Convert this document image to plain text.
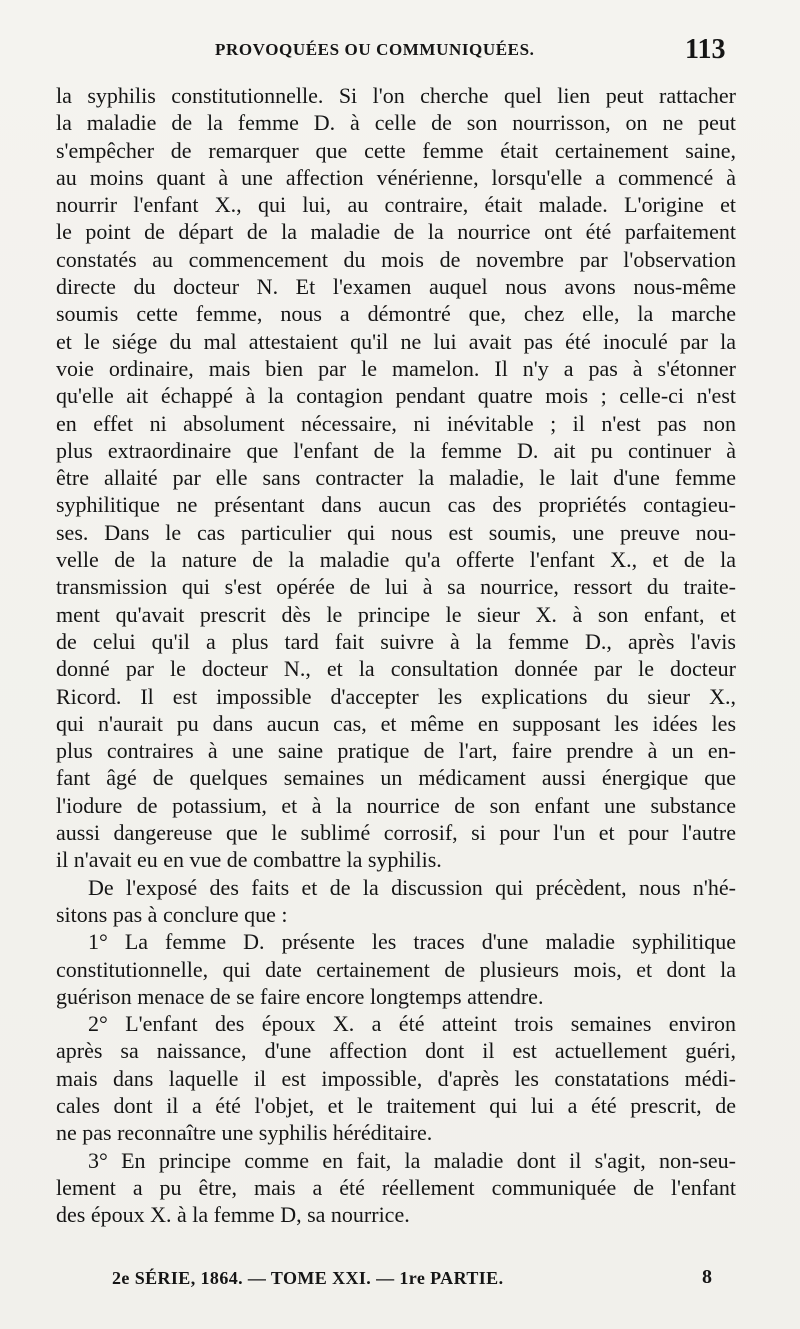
PROVOQUÉES OU COMMUNIQUÉES.	113
la syphilis constitutionnelle. Si l'on cherche quel lien peut rattacher
la maladie de la femme D. à celle de son nourrisson, on ne peut
s'empêcher de remarquer que cette femme était certainement saine,
au moins quant à une affection vénérienne, lorsqu'elle a commencé à
nourrir l'enfant X., qui lui, au contraire, était malade. L'origine et
le point de départ de la maladie de la nourrice ont été parfaitement
constatés au commencement du mois de novembre par l'observation
directe du docteur N. Et l'examen auquel nous avons nous-même
soumis cette femme, nous a démontré que, chez elle, la marche
et le siége du mal attestaient qu'il ne lui avait pas été inoculé par la
voie ordinaire, mais bien par le mamelon. Il n'y a pas à s'étonner
qu'elle ait échappé à la contagion pendant quatre mois ; celle-ci n'est
en effet ni absolument nécessaire, ni inévitable ; il n'est pas non
plus extraordinaire que l'enfant de la femme D. ait pu continuer à
être allaité par elle sans contracter la maladie, le lait d'une femme
syphilitique ne présentant dans aucun cas des propriétés contagieu-
ses. Dans le cas particulier qui nous est soumis, une preuve nou-
velle de la nature de la maladie qu'a offerte l'enfant X., et de la
transmission qui s'est opérée de lui à sa nourrice, ressort du traite-
ment qu'avait prescrit dès le principe le sieur X. à son enfant, et
de celui qu'il a plus tard fait suivre à la femme D., après l'avis
donné par le docteur N., et la consultation donnée par le docteur
Ricord. Il est impossible d'accepter les explications du sieur X.,
qui n'aurait pu dans aucun cas, et même en supposant les idées les
plus contraires à une saine pratique de l'art, faire prendre à un en-
fant âgé de quelques semaines un médicament aussi énergique que
l'iodure de potassium, et à la nourrice de son enfant une substance
aussi dangereuse que le sublimé corrosif, si pour l'un et pour l'autre
il n'avait eu en vue de combattre la syphilis.
De l'exposé des faits et de la discussion qui précèdent, nous n'hé-
sitons pas à conclure que :
1° La femme D. présente les traces d'une maladie syphilitique
constitutionnelle, qui date certainement de plusieurs mois, et dont la
guérison menace de se faire encore longtemps attendre.
2° L'enfant des époux X. a été atteint trois semaines environ
après sa naissance, d'une affection dont il est actuellement guéri,
mais dans laquelle il est impossible, d'après les constatations médi-
cales dont il a été l'objet, et le traitement qui lui a été prescrit, de
ne pas reconnaître une syphilis héréditaire.
3° En principe comme en fait, la maladie dont il s'agit, non-seu-
lement a pu être, mais a été réellement communiquée de l'enfant
des époux X. à la femme D, sa nourrice.
2e SÉRIE, 1864. — TOME XXI. — 1re PARTIE.	8
